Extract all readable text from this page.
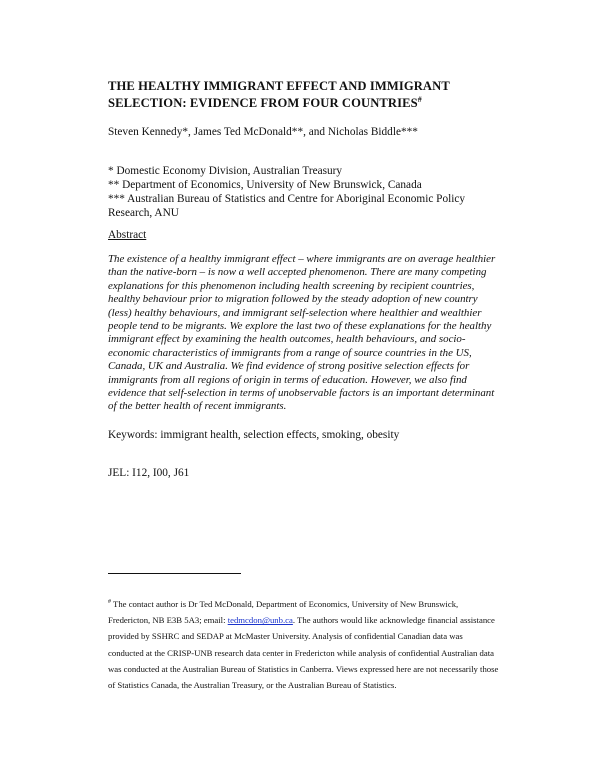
THE HEALTHY IMMIGRANT EFFECT AND IMMIGRANT SELECTION: EVIDENCE FROM FOUR COUNTRIES#
Steven Kennedy*, James Ted McDonald**, and Nicholas Biddle***
* Domestic Economy Division, Australian Treasury
** Department of Economics, University of New Brunswick, Canada
*** Australian Bureau of Statistics and Centre for Aboriginal Economic Policy Research, ANU
Abstract
The existence of a healthy immigrant effect – where immigrants are on average healthier than the native-born – is now a well accepted phenomenon. There are many competing explanations for this phenomenon including health screening by recipient countries, healthy behaviour prior to migration followed by the steady adoption of new country (less) healthy behaviours, and immigrant self-selection where healthier and wealthier people tend to be migrants. We explore the last two of these explanations for the healthy immigrant effect by examining the health outcomes, health behaviours, and socio-economic characteristics of immigrants from a range of source countries in the US, Canada, UK and Australia. We find evidence of strong positive selection effects for immigrants from all regions of origin in terms of education. However, we also find evidence that self-selection in terms of unobservable factors is an important determinant of the better health of recent immigrants.
Keywords: immigrant health, selection effects, smoking, obesity
JEL: I12, I00, J61
# The contact author is Dr Ted McDonald, Department of Economics, University of New Brunswick, Fredericton, NB E3B 5A3; email: tedmcdon@unb.ca. The authors would like acknowledge financial assistance provided by SSHRC and SEDAP at McMaster University. Analysis of confidential Canadian data was conducted at the CRISP-UNB research data center in Fredericton while analysis of confidential Australian data was conducted at the Australian Bureau of Statistics in Canberra. Views expressed here are not necessarily those of Statistics Canada, the Australian Treasury, or the Australian Bureau of Statistics.
